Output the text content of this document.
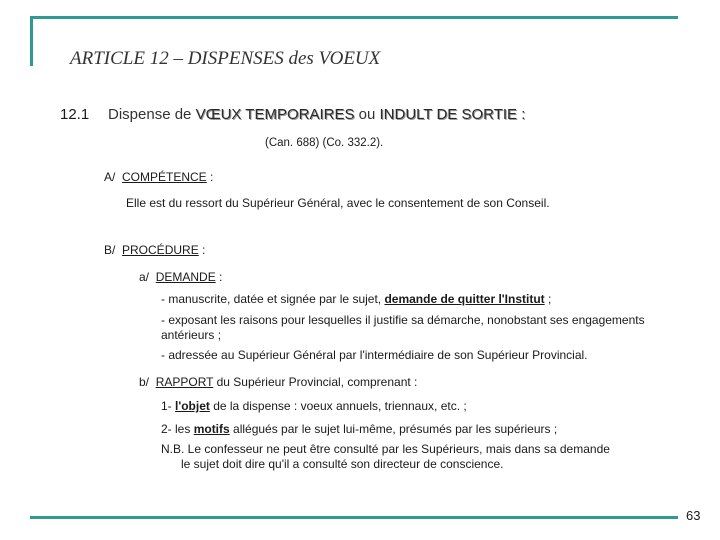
ARTICLE 12 – DISPENSES des VOEUX
12.1 Dispense de VŒUX TEMPORAIRES ou INDULT DE SORTIE :
(Can. 688) (Co. 332.2).
A/ COMPÉTENCE :
Elle est du ressort du Supérieur Général, avec le consentement de son Conseil.
B/ PROCÉDURE :
a/ DEMANDE :
- manuscrite, datée et signée par le sujet, demande de quitter l'Institut ;
- exposant les raisons pour lesquelles il justifie sa démarche, nonobstant ses engagements antérieurs ;
- adressée au Supérieur Général par l'intermédiaire de son Supérieur Provincial.
b/ RAPPORT du Supérieur Provincial, comprenant :
1- l'objet de la dispense : voeux annuels, triennaux, etc. ;
2- les motifs allégués par le sujet lui-même, présumés par les supérieurs ;
N.B. Le confesseur ne peut être consulté par les Supérieurs, mais dans sa demande
le sujet doit dire qu'il a consulté son directeur de conscience.
63
